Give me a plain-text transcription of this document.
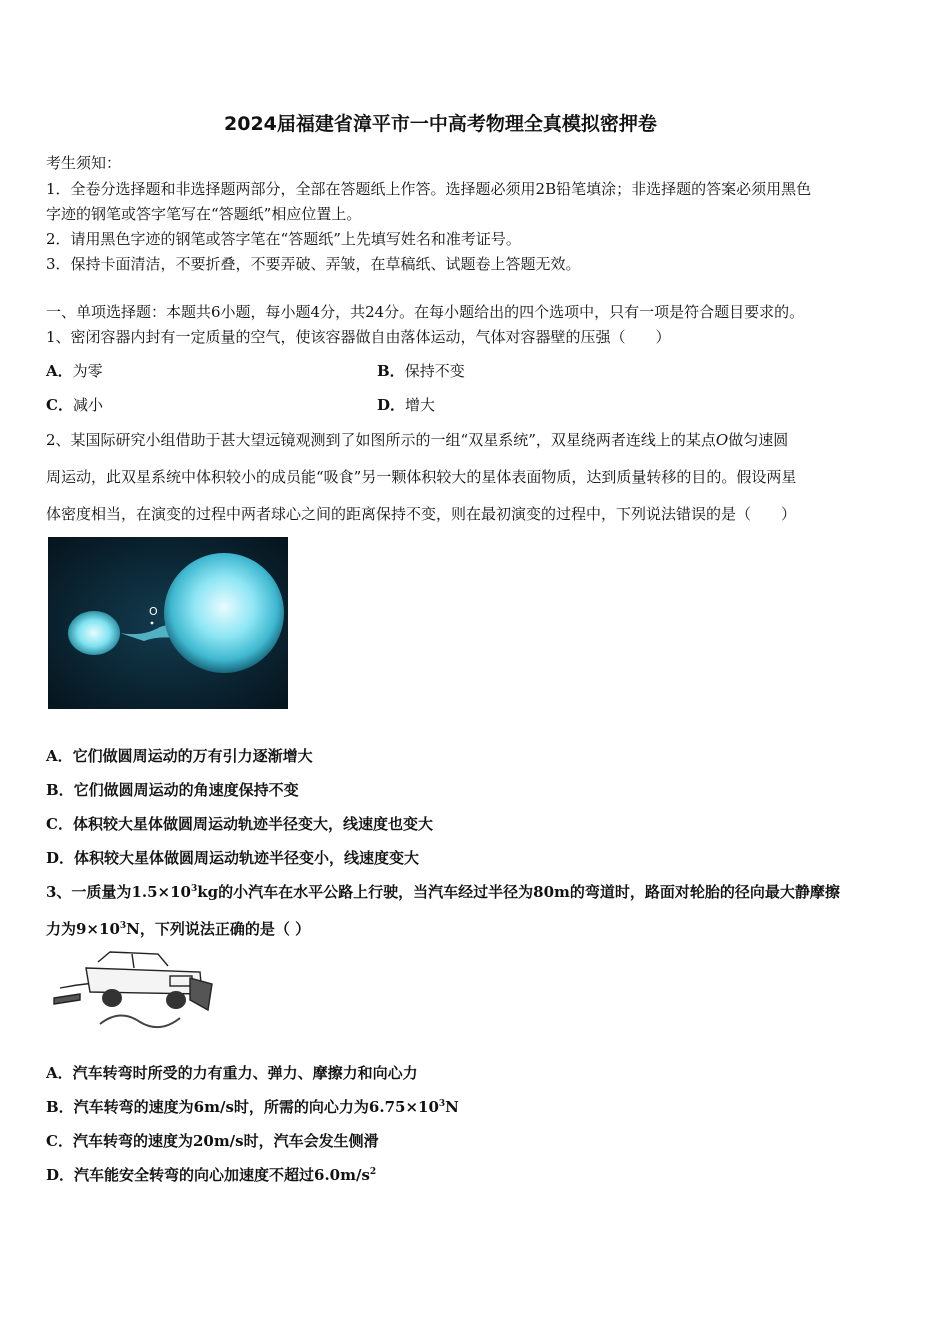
2024届福建省漳平市一中高考物理全真模拟密押卷
考生须知：
1．全卷分选择题和非选择题两部分，全部在答题纸上作答。选择题必须用2B铅笔填涂；非选择题的答案必须用黑色
字迹的钢笔或答字笔写在“答题纸”相应位置上。
2．请用黑色字迹的钢笔或答字笔在“答题纸”上先填写姓名和准考证号。
3．保持卡面清洁，不要折叠，不要弄破、弄皱，在草稿纸、试题卷上答题无效。
一、单项选择题：本题共6小题，每小题4分，共24分。在每小题给出的四个选项中，只有一项是符合题目要求的。
1、密闭容器内封有一定质量的空气，使该容器做自由落体运动，气体对容器壁的压强（　　）
A．为零	B．保持不变
C．减小	D．增大
2、某国际研究小组借助于甚大望远镜观测到了如图所示的一组“双星系统”，双星绕两者连线上的某点O做匀速圆
周运动，此双星系统中体积较小的成员能“吸食”另一颗体积较大的星体表面物质，达到质量转移的目的。假设两星
体密度相当，在演变的过程中两者球心之间的距离保持不变，则在最初演变的过程中，下列说法错误的是（　　）
O
A．它们做圆周运动的万有引力逐渐增大
B．它们做圆周运动的角速度保持不变
C．体积较大星体做圆周运动轨迹半径变大，线速度也变大
D．体积较大星体做圆周运动轨迹半径变小，线速度变大
3、一质量为$1.5\times 10^3kg$的小汽车在水平公路上行驶，当汽车经过半径为80m的弯道时，路面对轮胎的径向最大静摩擦
力为$9\times 10^3N$，下列说法正确的是（ ）
A．汽车转弯时所受的力有重力、弹力、摩擦力和向心力
B．汽车转弯的速度为6m/s时，所需的向心力为$6.75\times 10^3N$
C．汽车转弯的速度为20m/s时，汽车会发生侧滑
D．汽车能安全转弯的向心加速度不超过$6.0m/s^2$
